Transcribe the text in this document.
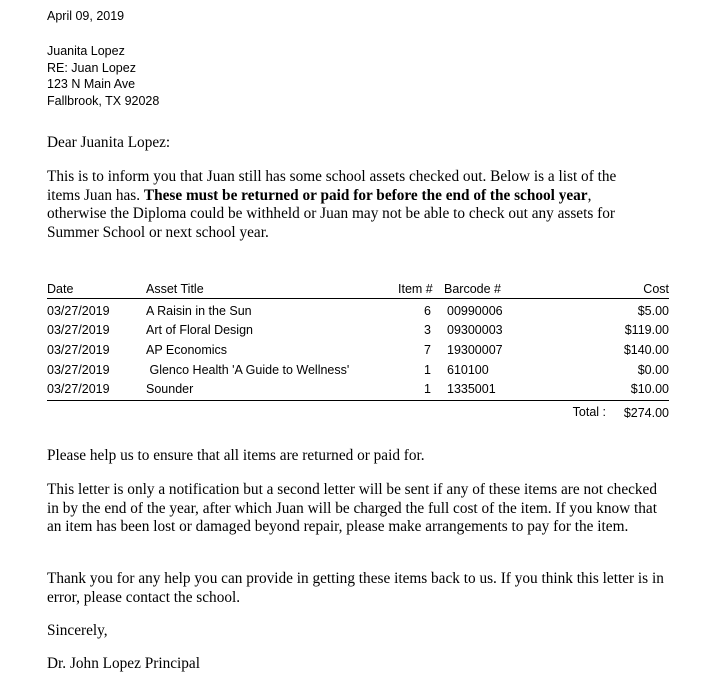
April 09, 2019
Juanita Lopez
RE: Juan Lopez
123 N Main Ave
Fallbrook, TX 92028
Dear Juanita Lopez:

This is to inform you that Juan still has some school assets checked out. Below is a list of the items Juan has. These must be returned or paid for before the end of the school year, otherwise the Diploma could be withheld or Juan may not be able to check out any assets for Summer School or next school year.

Date	Asset Title	Item # Barcode #	Cost
03/27/2019	A Raisin in the Sun	6 00990006	$5.00
03/27/2019	Art of Floral Design	3 09300003	$119.00
03/27/2019	AP Economics	7 19300007	$140.00
03/27/2019	Glenco Health 'A Guide to Wellness'	1 610100	$0.00
03/27/2019	Sounder	1 1335001	$10.00
Total :	$274.00
Please help us to ensure that all items are returned or paid for.
This letter is only a notification but a second letter will be sent if any of these items are not checked in by the end of the year, after which Juan will be charged the full cost of the item. If you know that an item has been lost or damaged beyond repair, please make arrangements to pay for the item.
Thank you for any help you can provide in getting these items back to us. If you think this letter is in error, please contact the school.
Sincerely,
Dr. John Lopez Principal
